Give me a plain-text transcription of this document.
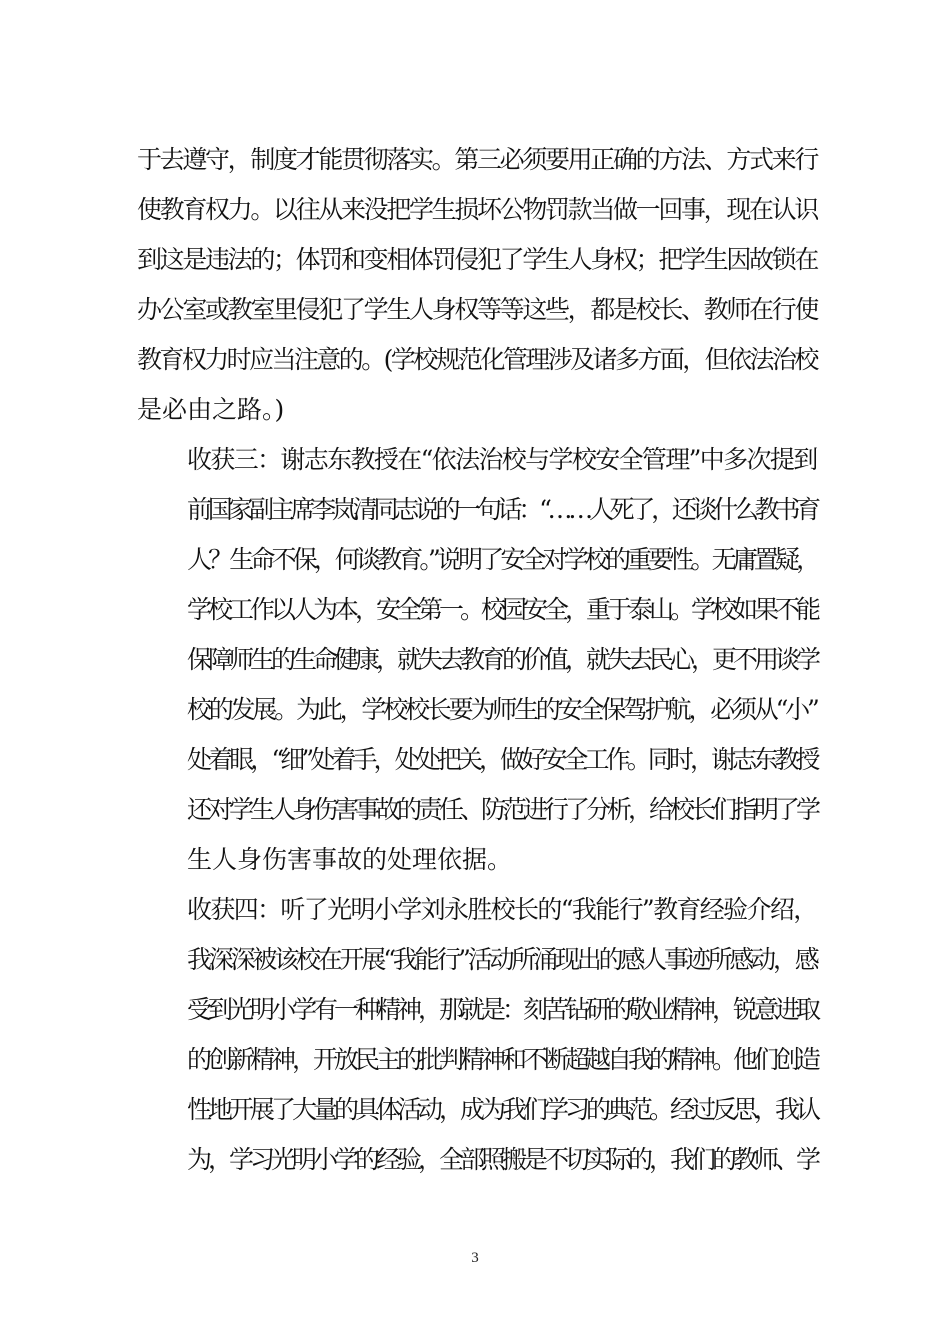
于去遵守，制度才能贯彻落实。第三必须要用正确的方法、方式来行
使教育权力。以往从来没把学生损坏公物罚款当做一回事，现在认识
到这是违法的；体罚和变相体罚侵犯了学生人身权；把学生因故锁在
办公室或教室里侵犯了学生人身权等等这些，都是校长、教师在行使
教育权力时应当注意的。(学校规范化管理涉及诸多方面，但依法治校
是必由之路。)
收获三：谢志东教授在“依法治校与学校安全管理”中多次提到
前国家副主席李岚清同志说的一句话：“……人死了，还谈什么教书育
人？生命不保，何谈教育。”说明了安全对学校的重要性。无庸置疑，
学校工作以人为本，安全第一。校园安全，重于泰山。学校如果不能
保障师生的生命健康，就失去教育的价值，就失去民心，更不用谈学
校的发展。为此，学校校长要为师生的安全保驾护航，必须从“小”
处着眼，“细”处着手，处处把关，做好安全工作。同时，谢志东教授
还对学生人身伤害事故的责任、防范进行了分析，给校长们指明了学
生人身伤害事故的处理依据。
收获四：听了光明小学刘永胜校长的“我能行”教育经验介绍，
我深深被该校在开展“我能行”活动所涌现出的感人事迹所感动，感
受到光明小学有一种精神，那就是：刻苦钻研的敬业精神，锐意进取
的创新精神，开放民主的批判精神和不断超越自我的精神。他们创造
性地开展了大量的具体活动，成为我们学习的典范。经过反思，我认
为，学习光明小学的经验，全部照搬是不切实际的，我们的教师、学
3
